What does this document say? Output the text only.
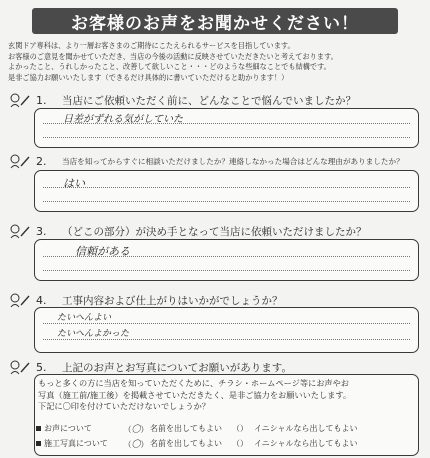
お客様のお声をお聞かせください！
玄関ドア専科は、より一層お客さまのご期待にこたえられるサービスを目指しています。
お客様のご意見を聞かせていただき、当店の今後の活動に反映させていただきたいと考えております。
よかったこと、うれしかったこと、改善して欲しいこと・・・どのような些細なことでも結構です。
是非ご協力お願いいたします（できるだけ具体的に書いていただけると助かります！）
1.	当店にご依頼いただく前に、どんなことで悩んでいましたか？
日差がずれる気がしていた
2.	当店を知ってからすぐに相談いただけましたか？連絡しなかった場合はどんな理由がありましたか？
はい
3.	（どこの部分）が決め手となって当店に依頼いただけましたか？
信頼がある
4.	工事内容および仕上がりはいかがでしょうか？
たいへんよい
たいへんよかった
5.	上記のお声とお写真についてお願いがあります。
もっと多くの方に当店を知っていただくために、チラシ・ホームページ等にお声やお
写真（施工前/施工後）を掲載させていただきたく、是非ご協力をお願いいたします。
下記に〇印を付けていただけないでしょうか？
お声について	（〇） 名前を出してもよい	（） イニシャルなら出してもよい
施工写真について	（〇） 名前を出してもよい	（） イニシャルなら出してもよい
